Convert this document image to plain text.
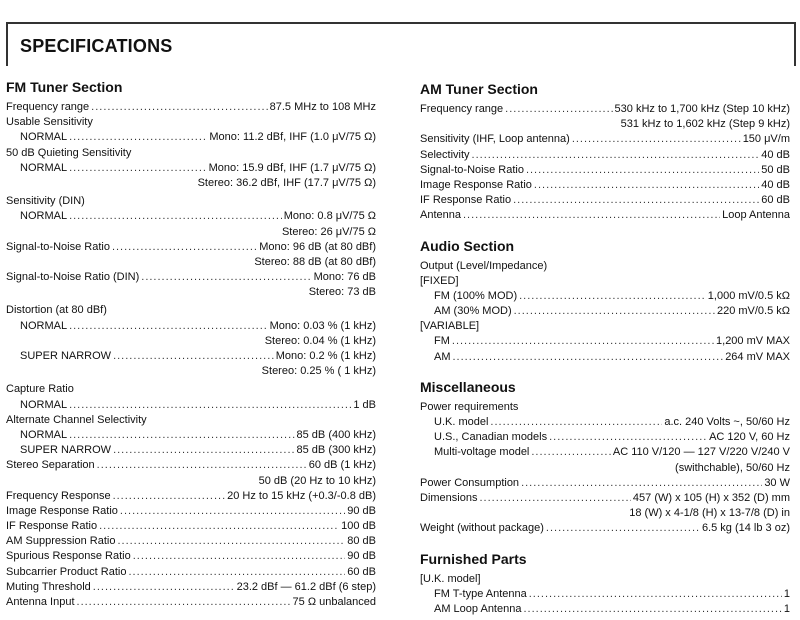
SPECIFICATIONS
FM Tuner Section
Frequency range .....	87.5 MHz to 108 MHz
Usable Sensitivity
NORMAL .....	Mono: 11.2 dBf, IHF (1.0 μV/75 Ω)
50 dB Quieting Sensitivity
NORMAL .....	Mono: 15.9 dBf, IHF (1.7 μV/75 Ω)
Stereo: 36.2 dBf, IHF (17.7 μV/75 Ω)
Sensitivity (DIN)
NORMAL .....	Mono: 0.8 μV/75 Ω
Stereo: 26 μV/75 Ω
Signal-to-Noise Ratio .....	Mono: 96 dB (at 80 dBf)
Stereo: 88 dB (at 80 dBf)
Signal-to-Noise Ratio (DIN) .....	Mono: 76 dB
Stereo: 73 dB
Distortion (at 80 dBf)
NORMAL .....	Mono: 0.03 % (1 kHz)
Stereo: 0.04 % (1 kHz)
SUPER NARROW .....	Mono: 0.2 % (1 kHz)
Stereo: 0.25 % ( 1 kHz)
Capture Ratio
NORMAL .....	1 dB
Alternate Channel Selectivity
NORMAL .....	85 dB (400 kHz)
SUPER NARROW .....	85 dB (300 kHz)
Stereo Separation .....	60 dB (1 kHz)
50 dB (20 Hz to 10 kHz)
Frequency Response .....	20 Hz to 15 kHz (+0.3/-0.8 dB)
Image Response Ratio .....	90 dB
IF Response Ratio .....	100 dB
AM Suppression Ratio .....	80 dB
Spurious Response Ratio .....	90 dB
Subcarrier Product Ratio .....	60 dB
Muting Threshold .....	23.2 dBf — 61.2 dBf (6 step)
Antenna Input .....	75 Ω unbalanced
AM Tuner Section
Frequency range .....	530 kHz to 1,700 kHz (Step 10 kHz)
531 kHz to 1,602 kHz (Step 9 kHz)
Sensitivity (IHF, Loop antenna) .....	150 μV/m
Selectivity .....	40 dB
Signal-to-Noise Ratio .....	50 dB
Image Response Ratio .....	40 dB
IF Response Ratio .....	60 dB
Antenna .....	Loop Antenna
Audio Section
Output (Level/Impedance)
[FIXED]
FM (100% MOD) .....	1,000 mV/0.5 kΩ
AM (30% MOD) .....	220 mV/0.5 kΩ
[VARIABLE]
FM .....	1,200 mV MAX
AM .....	264 mV MAX
Miscellaneous
Power requirements
U.K. model .....	a.c. 240 Volts ~, 50/60 Hz
U.S., Canadian models .....	AC 120 V, 60 Hz
Multi-voltage model .....	AC 110 V/120 — 127 V/220 V/240 V
(swithchable), 50/60 Hz
Power Consumption .....	30 W
Dimensions .....	457 (W) x 105 (H) x 352 (D) mm
18 (W) x 4-1/8 (H) x 13-7/8 (D) in
Weight (without package) .....	6.5 kg (14 lb 3 oz)
Furnished Parts
[U.K. model]
FM T-type Antenna .....	1
AM Loop Antenna .....	1
